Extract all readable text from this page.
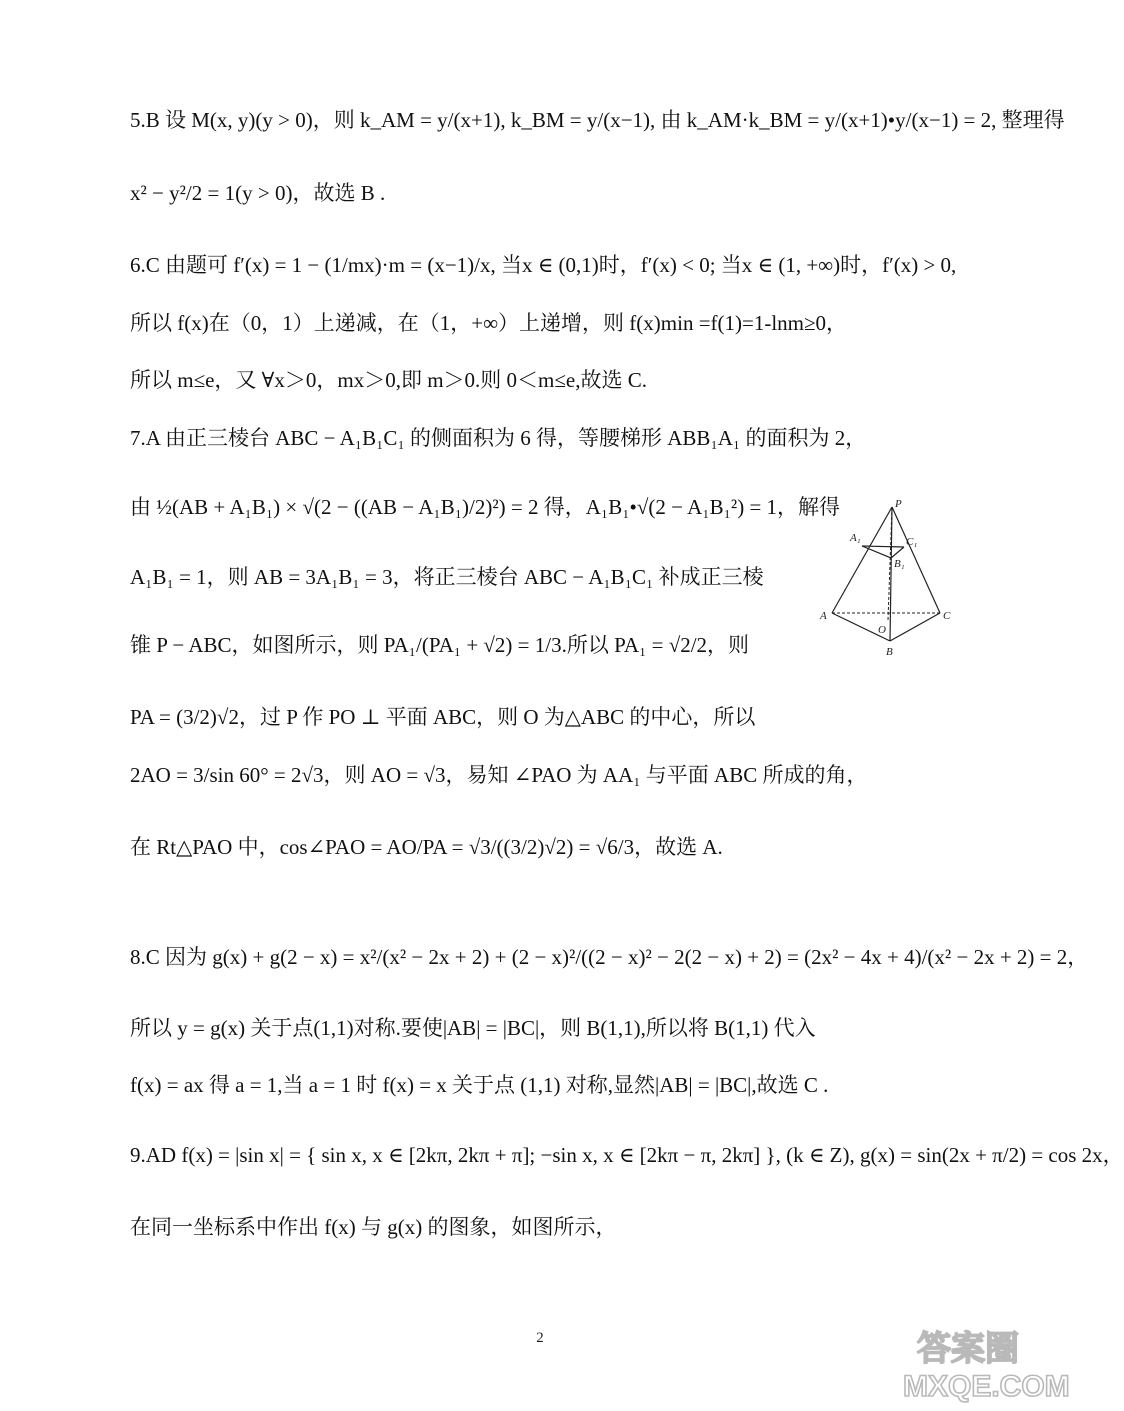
5.B 设 M(x, y)(y > 0)，则 k_AM = y/(x+1), k_BM = y/(x−1), 由 k_AM·k_BM = y/(x+1)•y/(x−1) = 2, 整理得
x² − y²/2 = 1(y > 0)，故选 B .
6.C 由题可 f′(x) = 1 − (1/mx)·m = (x−1)/x, 当x ∈ (0,1)时，f′(x) < 0; 当x ∈ (1, +∞)时，f′(x) > 0,
所以 f(x)在（0，1）上递减，在（1，+∞）上递增，则 f(x)min =f(1)=1-lnm≥0，
所以 m≤e，又 ∀x＞0，mx＞0,即 m＞0.则 0＜m≤e,故选 C.
7.A 由正三棱台 ABC − A₁B₁C₁ 的侧面积为 6 得，等腰梯形 ABB₁A₁ 的面积为 2，
由 ½(AB + A₁B₁) × √(2 − ((AB − A₁B₁)/2)²) = 2 得，A₁B₁•√(2 − A₁B₁²) = 1，解得
A₁B₁ = 1，则 AB = 3A₁B₁ = 3，将正三棱台 ABC − A₁B₁C₁ 补成正三棱
锥 P − ABC，如图所示，则 PA₁/(PA₁ + √2) = 1/3.所以 PA₁ = √2/2，则
PA = (3/2)√2，过 P 作 PO ⊥ 平面 ABC，则 O 为△ABC 的中心，所以
2AO = 3/sin 60° = 2√3，则 AO = √3，易知 ∠PAO 为 AA₁ 与平面 ABC 所成的角，
在 Rt△PAO 中，cos∠PAO = AO/PA = √3/((3/2)√2) = √6/3，故选 A.
8.C 因为 g(x) + g(2 − x) = x²/(x² − 2x + 2) + (2 − x)²/((2 − x)² − 2(2 − x) + 2) = (2x² − 4x + 4)/(x² − 2x + 2) = 2，
所以 y = g(x) 关于点(1,1)对称.要使|AB| = |BC|，则 B(1,1),所以将 B(1,1) 代入
f(x) = ax 得 a = 1,当 a = 1 时 f(x) = x 关于点 (1,1) 对称,显然|AB| = |BC|,故选 C .
9.AD f(x) = |sin x| = { sin x, x ∈ [2kπ, 2kπ + π]; −sin x, x ∈ [2kπ − π, 2kπ] }, (k ∈ Z), g(x) = sin(2x + π/2) = cos 2x，
在同一坐标系中作出 f(x) 与 g(x) 的图象，如图所示，
P
A₁	C₁
B₁
A
O
C
B
2	答案圈
MXQE.COM
